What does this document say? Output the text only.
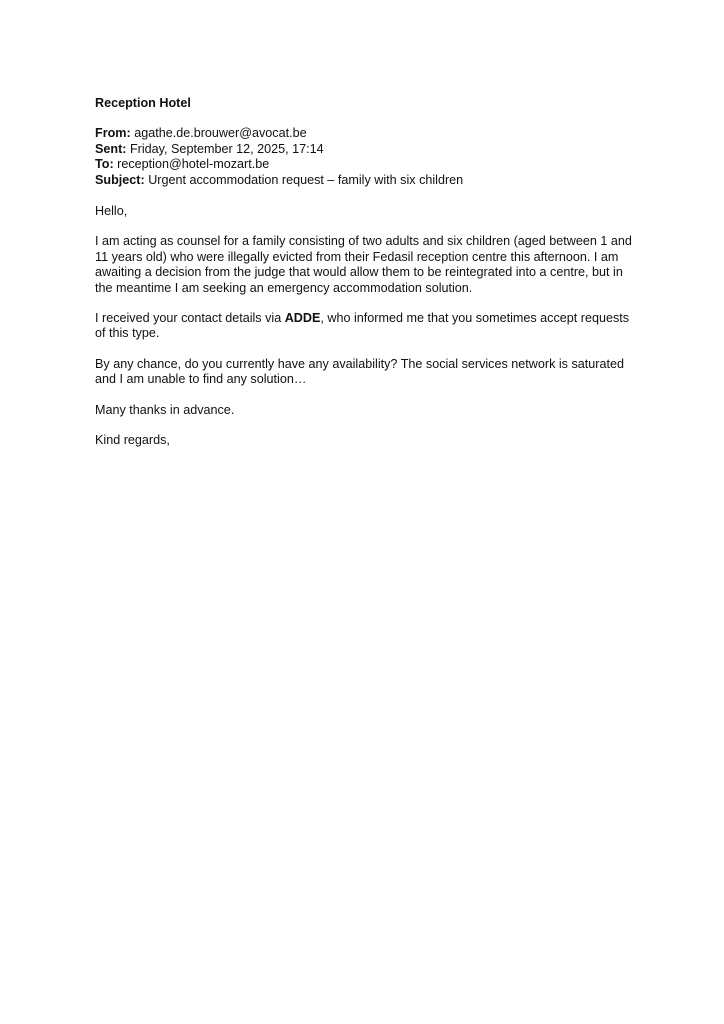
Reception Hotel

From: agathe.de.brouwer@avocat.be

Sent: Friday, September 12, 2025, 17:14

To: reception@hotel-mozart.be

Subject: Urgent accommodation request – family with six children

Hello,

I am acting as counsel for a family consisting of two adults and six children (aged between 1 and 11 years old) who were illegally evicted from their Fedasil reception centre this afternoon. I am awaiting a decision from the judge that would allow them to be reintegrated into a centre, but in the meantime I am seeking an emergency accommodation solution.

I received your contact details via ADDE, who informed me that you sometimes accept requests of this type.

By any chance, do you currently have any availability? The social services network is saturated and I am unable to find any solution…

Many thanks in advance.

Kind regards,
